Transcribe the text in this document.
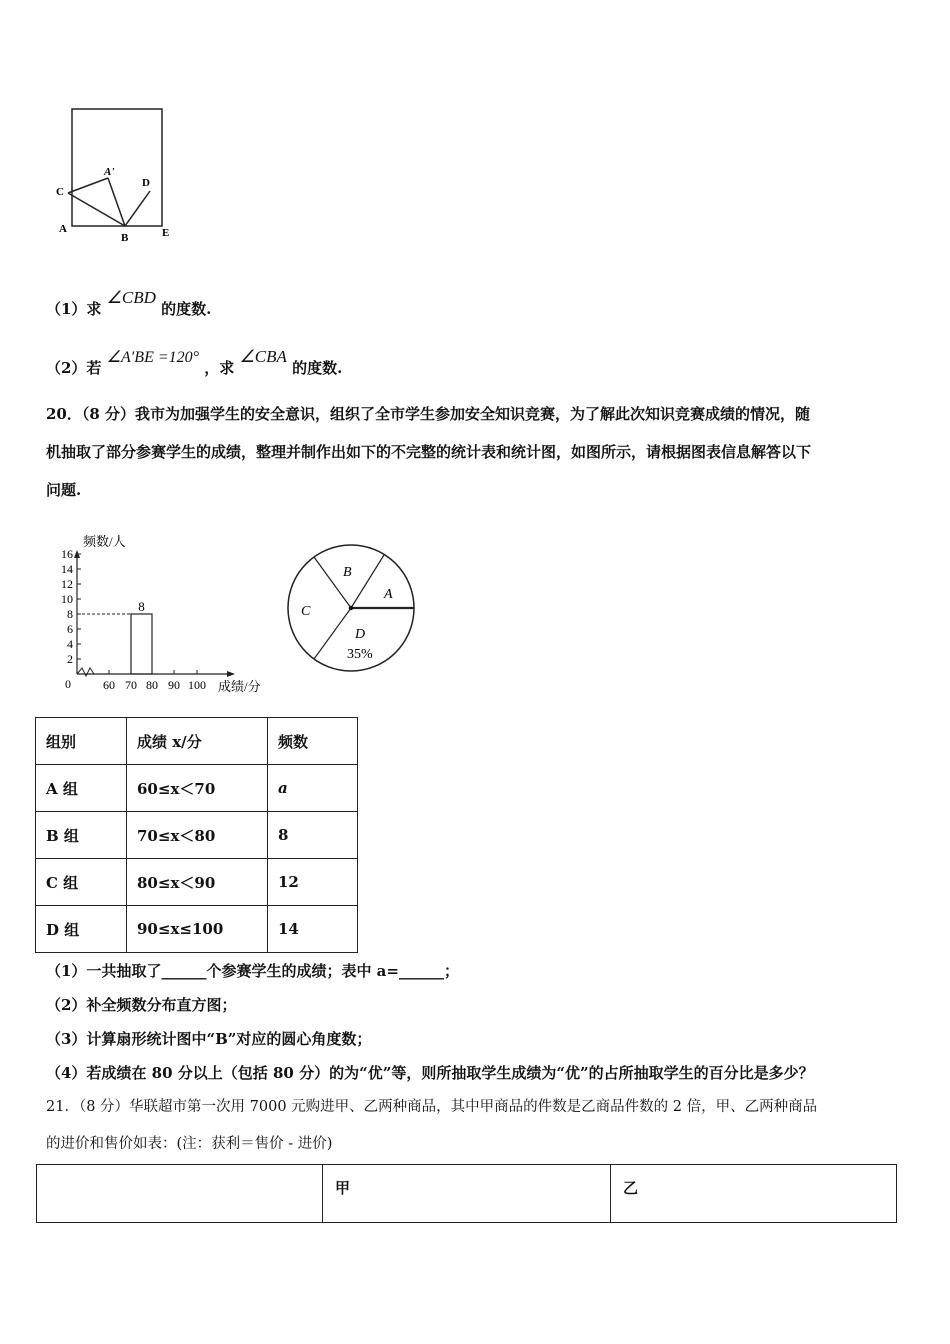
C
A'
D
A
B	E
（1）求 ∠CBD 的度数.
（2）若 ∠A′BE =120° ，求 ∠CBA 的度数.
20．（8 分）我市为加强学生的安全意识，组织了全市学生参加安全知识竞赛，为了解此次知识竞赛成绩的情况，随
机抽取了部分参赛学生的成绩，整理并制作出如下的不完整的统计表和统计图，如图所示，请根据图表信息解答以下
问题.
2
4
6
8
10
12
14
16
60 70 80 90 100
8
频数/人
成绩/分
0
B
A
C
D
35%
组别	成绩 x/分	频数
A 组	60≤x＜70	a
B 组	70≤x＜80	8
C 组	80≤x＜90	12
D 组	90≤x≤100	14
（1）一共抽取了______个参赛学生的成绩；表中 a=______；
（2）补全频数分布直方图；
（3）计算扇形统计图中“B”对应的圆心角度数；
（4）若成绩在 80 分以上（包括 80 分）的为“优”等，则所抽取学生成绩为“优”的占所抽取学生的百分比是多少？
21．（8 分）华联超市第一次用 7000 元购进甲、乙两种商品，其中甲商品的件数是乙商品件数的 2 倍，甲、乙两种商品
的进价和售价如表：(注：获利＝售价 - 进价)
	甲	乙
